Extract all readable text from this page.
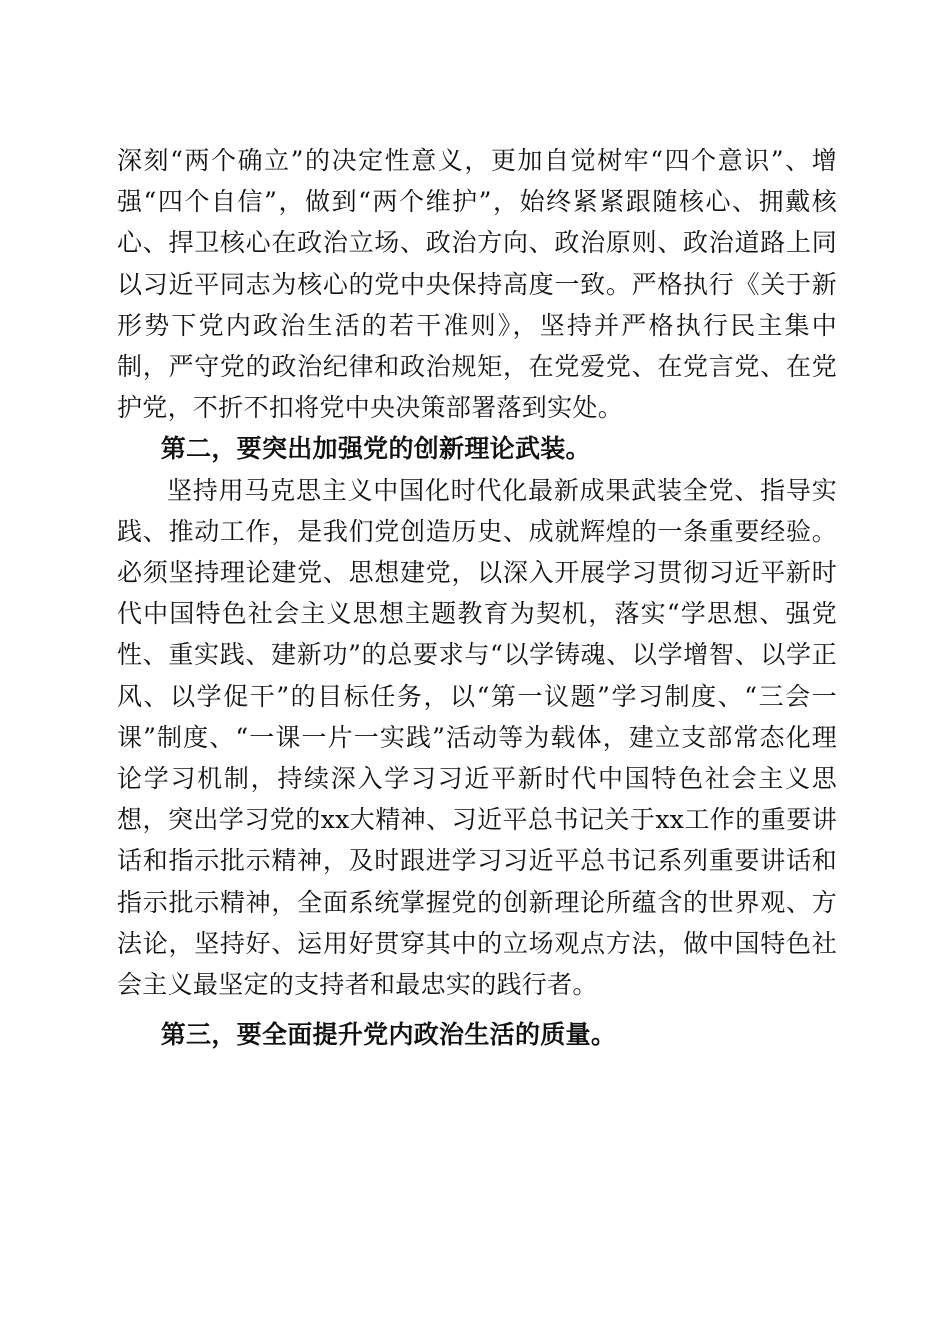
深刻“两个确立”的决定性意义，更加自觉树牢“四个意识”、增强“四个自信”，做到“两个维护”，始终紧紧跟随核心、拥戴核心、捍卫核心在政治立场、政治方向、政治原则、政治道路上同以习近平同志为核心的党中央保持高度一致。严格执行《关于新形势下党内政治生活的若干准则》，坚持并严格执行民主集中制，严守党的政治纪律和政治规矩，在党爱党、在党言党、在党护党，不折不扣将党中央决策部署落到实处。

第二，要突出加强党的创新理论武装。

坚持用马克思主义中国化时代化最新成果武装全党、指导实践、推动工作，是我们党创造历史、成就辉煌的一条重要经验。必须坚持理论建党、思想建党，以深入开展学习贯彻习近平新时代中国特色社会主义思想主题教育为契机，落实“学思想、强党性、重实践、建新功”的总要求与“以学铸魂、以学增智、以学正风、以学促干”的目标任务，以“第一议题”学习制度、“三会一课”制度、“一课一片一实践”活动等为载体，建立支部常态化理论学习机制，持续深入学习习近平新时代中国特色社会主义思想，突出学习党的xx大精神、习近平总书记关于xx工作的重要讲话和指示批示精神，及时跟进学习习近平总书记系列重要讲话和指示批示精神，全面系统掌握党的创新理论所蕴含的世界观、方法论，坚持好、运用好贯穿其中的立场观点方法，做中国特色社会主义最坚定的支持者和最忠实的践行者。

第三，要全面提升党内政治生活的质量。
